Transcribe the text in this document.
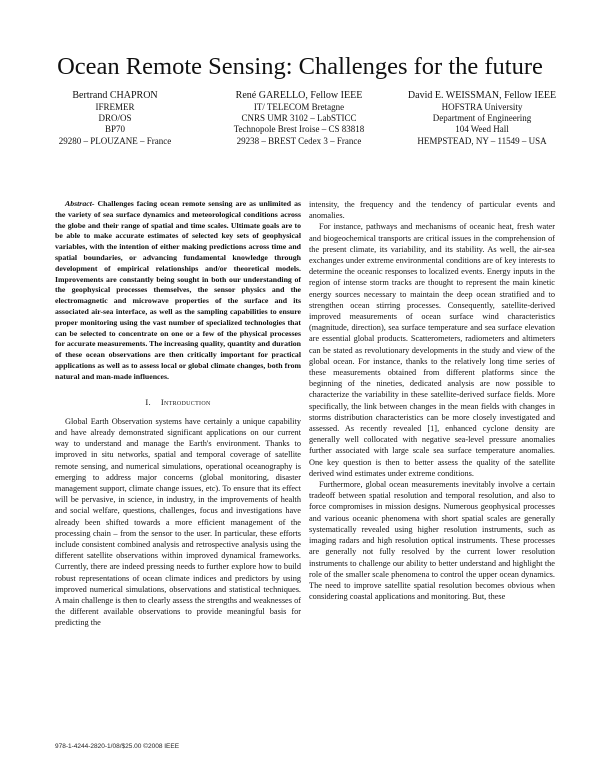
Ocean Remote Sensing: Challenges for the future
Bertrand CHAPRON
IFREMER
DRO/OS
BP70
29280 – PLOUZANE – France
René GARELLO, Fellow IEEE
IT/ TELECOM Bretagne
CNRS UMR 3102 – LabSTICC
Technopole Brest Iroise – CS 83818
29238 – BREST Cedex 3 – France
David E. WEISSMAN, Fellow IEEE
HOFSTRA University
Department of Engineering
104 Weed Hall
HEMPSTEAD, NY – 11549 – USA

Abstract- Challenges facing ocean remote sensing are as unlimited as the variety of sea surface dynamics and meteorological conditions across the globe and their range of spatial and time scales. Ultimate goals are to be able to make accurate estimates of selected key sets of geophysical variables, with the intention of either making predictions across time and spatial boundaries, or advancing fundamental knowledge through development of empirical relationships and/or theoretical models. Improvements are constantly being sought in both our understanding of the geophysical processes themselves, the sensor physics and the electromagnetic and microwave properties of the surface and its associated air-sea interface, as well as the sampling capabilities to ensure proper monitoring using the vast number of specialized technologies that can be selected to concentrate on one or a few of the physical processes for accurate measurements. The increasing quality, quantity and duration of these ocean observations are then critically important for practical applications as well as to assess local or global climate changes, both from natural and man-made influences.

I. Introduction

Global Earth Observation systems have certainly a unique capability and have already demonstrated significant applications on our current way to understand and manage the Earth's environment. Thanks to improved in situ networks, spatial and temporal coverage of satellite remote sensing, and numerical simulations, operational oceanography is emerging to address major concerns (global monitoring, disaster management support, climate change issues, etc). To ensure that its effect will be pervasive, in science, in industry, in the improvements of health and social welfare, questions, challenges, focus and investigations have already been shifted towards a more efficient management of the processing chain – from the sensor to the user. In particular, these efforts include consistent combined analysis and retrospective analysis using the different satellite observations within improved dynamical frameworks. Currently, there are indeed pressing needs to further explore how to build robust representations of ocean climate indices and predictors by using improved numerical simulations, observations and statistical techniques. A main challenge is then to clearly assess the strengths and weaknesses of the different available observations to provide meaningful basis for predicting the

intensity, the frequency and the tendency of particular events and anomalies.

For instance, pathways and mechanisms of oceanic heat, fresh water and biogeochemical transports are critical issues in the comprehension of the present climate, its variability, and its stability. As well, the air-sea exchanges under extreme environmental conditions are of key interests to determine the oceanic responses to localized events. Energy inputs in the region of intense storm tracks are thought to represent the main kinetic energy sources necessary to maintain the deep ocean stratified and to strengthen ocean stirring processes. Consequently, satellite-derived improved measurements of ocean surface wind characteristics (magnitude, direction), sea surface temperature and sea surface elevation are essential global products. Scatterometers, radiometers and altimeters can be stated as revolutionary developments in the study and view of the global ocean. For instance, thanks to the relatively long time series of these measurements obtained from different platforms since the beginning of the nineties, dedicated analysis are now possible to characterize the variability in these satellite-derived surface fields. More specifically, the link between changes in the mean fields with changes in storms distribution characteristics can be more closely investigated and assessed. As recently revealed [1], enhanced cyclone density are generally well collocated with negative sea-level pressure anomalies further associated with large scale sea surface temperature anomalies. One key question is then to better assess the quality of the satellite derived wind estimates under extreme conditions.

Furthermore, global ocean measurements inevitably involve a certain tradeoff between spatial resolution and temporal resolution, and also to force compromises in mission designs. Numerous geophysical processes and various oceanic phenomena with short spatial scales are generally systematically revealed using higher resolution instruments, such as imaging radars and high resolution optical instruments. These processes are generally not fully resolved by the current lower resolution instruments to challenge our ability to better understand and highlight the role of the smaller scale phenomena to control the upper ocean dynamics. The need to improve satellite spatial resolution becomes obvious when considering coastal applications and monitoring. But, these

978-1-4244-2820-1/08/$25.00 ©2008 IEEE
